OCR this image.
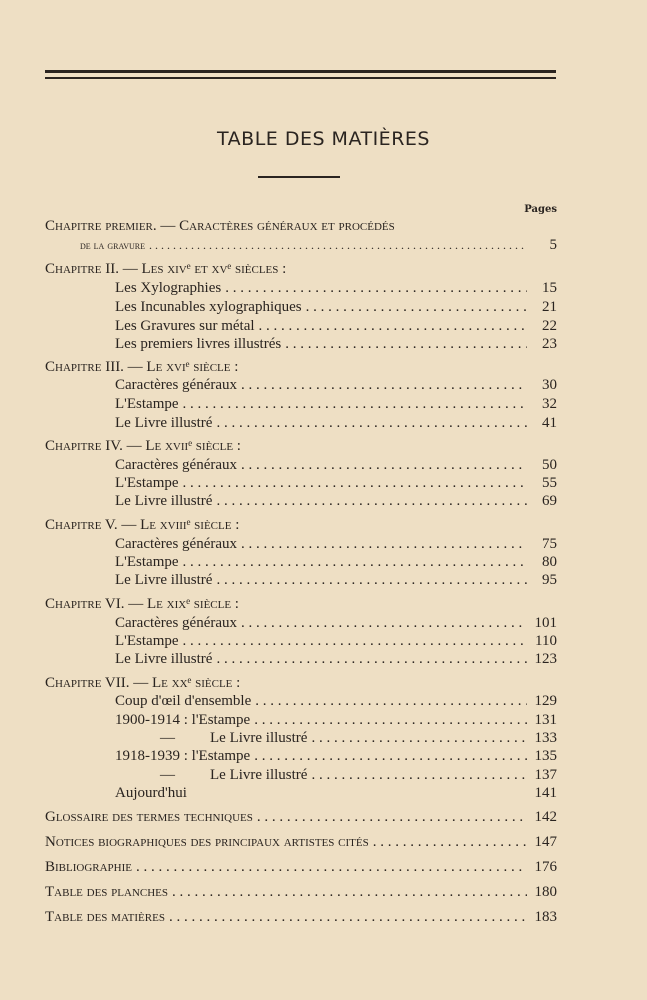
TABLE DES MATIÈRES
Pages
Chapitre premier. — Caractères généraux et procédés
de la gravure . . .	5
Chapitre II. — Les xivᵉ et xvᵉ siècles :
Les Xylographies . . .	15
Les Incunables xylographiques . . .	21
Les Gravures sur métal . . .	22
Les premiers livres illustrés . . .	23
Chapitre III. — Le xviᵉ siècle :
Caractères généraux . . .	30
L'Estampe . . .	32
Le Livre illustré . . .	41
Chapitre IV. — Le xviiᵉ siècle :
Caractères généraux . . .	50
L'Estampe . . .	55
Le Livre illustré . . .	69
Chapitre V. — Le xviiiᵉ siècle :
Caractères généraux . . .	75
L'Estampe . . .	80
Le Livre illustré . . .	95
Chapitre VI. — Le xixᵉ siècle :
Caractères généraux . . .	101
L'Estampe . . .	110
Le Livre illustré . . .	123
Chapitre VII. — Le xxᵉ siècle :
Coup d'œil d'ensemble . . .	129
1900-1914 : l'Estampe . . .	131
— Le Livre illustré . . .	133
1918-1939 : l'Estampe . . .	135
— Le Livre illustré . . .	137
Aujourd'hui	141
Glossaire des termes techniques . . .	142
Notices biographiques des principaux artistes cités . . .	147
Bibliographie . . .	176
Table des planches . . .	180
Table des matières . . .	183
